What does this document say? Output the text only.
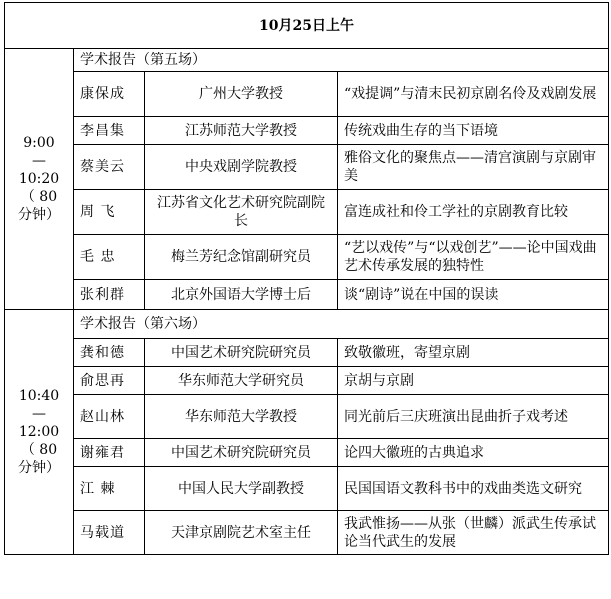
10月25日上午			

9:00
—
10:20
（ 80
分钟）	学术报告（第五场）		
	康保成	广州大学教授	“戏提调”与清末民初京剧名伶及戏剧发展
	李昌集	江苏师范大学教授	传统戏曲生存的当下语境
	蔡美云	中央戏剧学院教授	雅俗文化的聚焦点——清宫演剧与京剧审美
	周 飞	江苏省文化艺术研究院副院长	富连成社和伶工学社的京剧教育比较
	毛 忠	梅兰芳纪念馆副研究员	“艺以戏传”与“以戏创艺”——论中国戏曲艺术传承发展的独特性
	张利群	北京外国语大学博士后	谈“剧诗”说在中国的误读

10:40
—
12:00
（ 80
分钟）	学术报告（第六场）		
	龚和德	中国艺术研究院研究员	致敬徽班，寄望京剧
	俞思再	华东师范大学研究员	京胡与京剧
	赵山林	华东师范大学教授	同光前后三庆班演出昆曲折子戏考述
	谢雍君	中国艺术研究院研究员	论四大徽班的古典追求
	江 棘	中国人民大学副教授	民国国语文教科书中的戏曲类选文研究
	马载道	天津京剧院艺术室主任	我武惟扬——从张（世麟）派武生传承试论当代武生的发展
